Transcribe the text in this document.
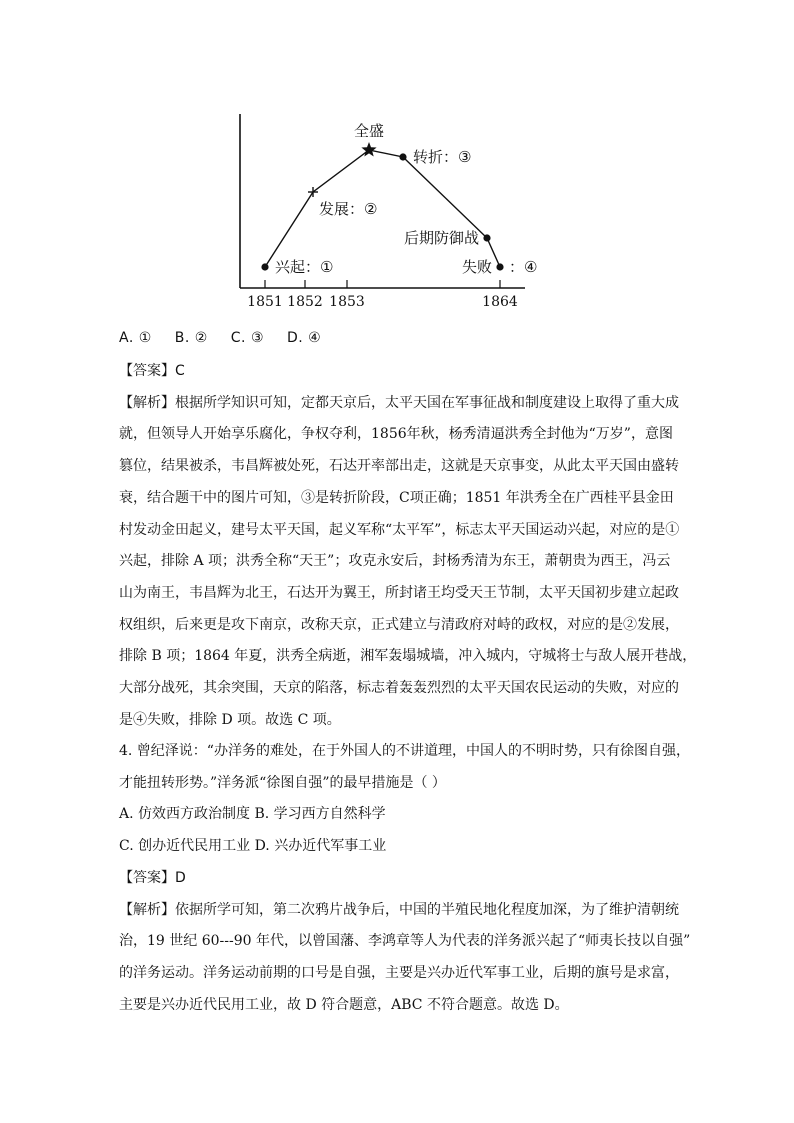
1851 1852 1853	1864
兴起：①
发展：②
全盛
转折：③
后期防御战
失败 ：④
A. ① B. ② C. ③ D. ④

【答案】C

【解析】根据所学知识可知，定都天京后，太平天国在军事征战和制度建设上取得了重大成

就，但领导人开始享乐腐化，争权夺利，1856年秋，杨秀清逼洪秀全封他为“万岁”，意图

篡位，结果被杀，韦昌辉被处死，石达开率部出走，这就是天京事变，从此太平天国由盛转

衰，结合题干中的图片可知，③是转折阶段，C项正确；1851 年洪秀全在广西桂平县金田

村发动金田起义，建号太平天国，起义军称“太平军”，标志太平天国运动兴起，对应的是①

兴起，排除 A 项；洪秀全称“天王”；攻克永安后，封杨秀清为东王，萧朝贵为西王，冯云

山为南王，韦昌辉为北王，石达开为翼王，所封诸王均受天王节制，太平天国初步建立起政

权组织，后来更是攻下南京，改称天京，正式建立与清政府对峙的政权，对应的是②发展，

排除 B 项；1864 年夏，洪秀全病逝，湘军轰塌城墙，冲入城内，守城将士与敌人展开巷战，

大部分战死，其余突围，天京的陷落，标志着轰轰烈烈的太平天国农民运动的失败，对应的

是④失败，排除 D 项。故选 C 项。

4. 曾纪泽说：“办洋务的难处，在于外国人的不讲道理，中国人的不明时势，只有徐图自强，

才能扭转形势。”洋务派“徐图自强”的最早措施是（ ）

A. 仿效西方政治制度 B. 学习西方自然科学

C. 创办近代民用工业 D. 兴办近代军事工业

【答案】D

【解析】依据所学可知，第二次鸦片战争后，中国的半殖民地化程度加深，为了维护清朝统

治，19 世纪 60---90 年代，以曾国藩、李鸿章等人为代表的洋务派兴起了“师夷长技以自强”

的洋务运动。洋务运动前期的口号是自强，主要是兴办近代军事工业，后期的旗号是求富，

主要是兴办近代民用工业，故 D 符合题意，ABC 不符合题意。故选 D。
